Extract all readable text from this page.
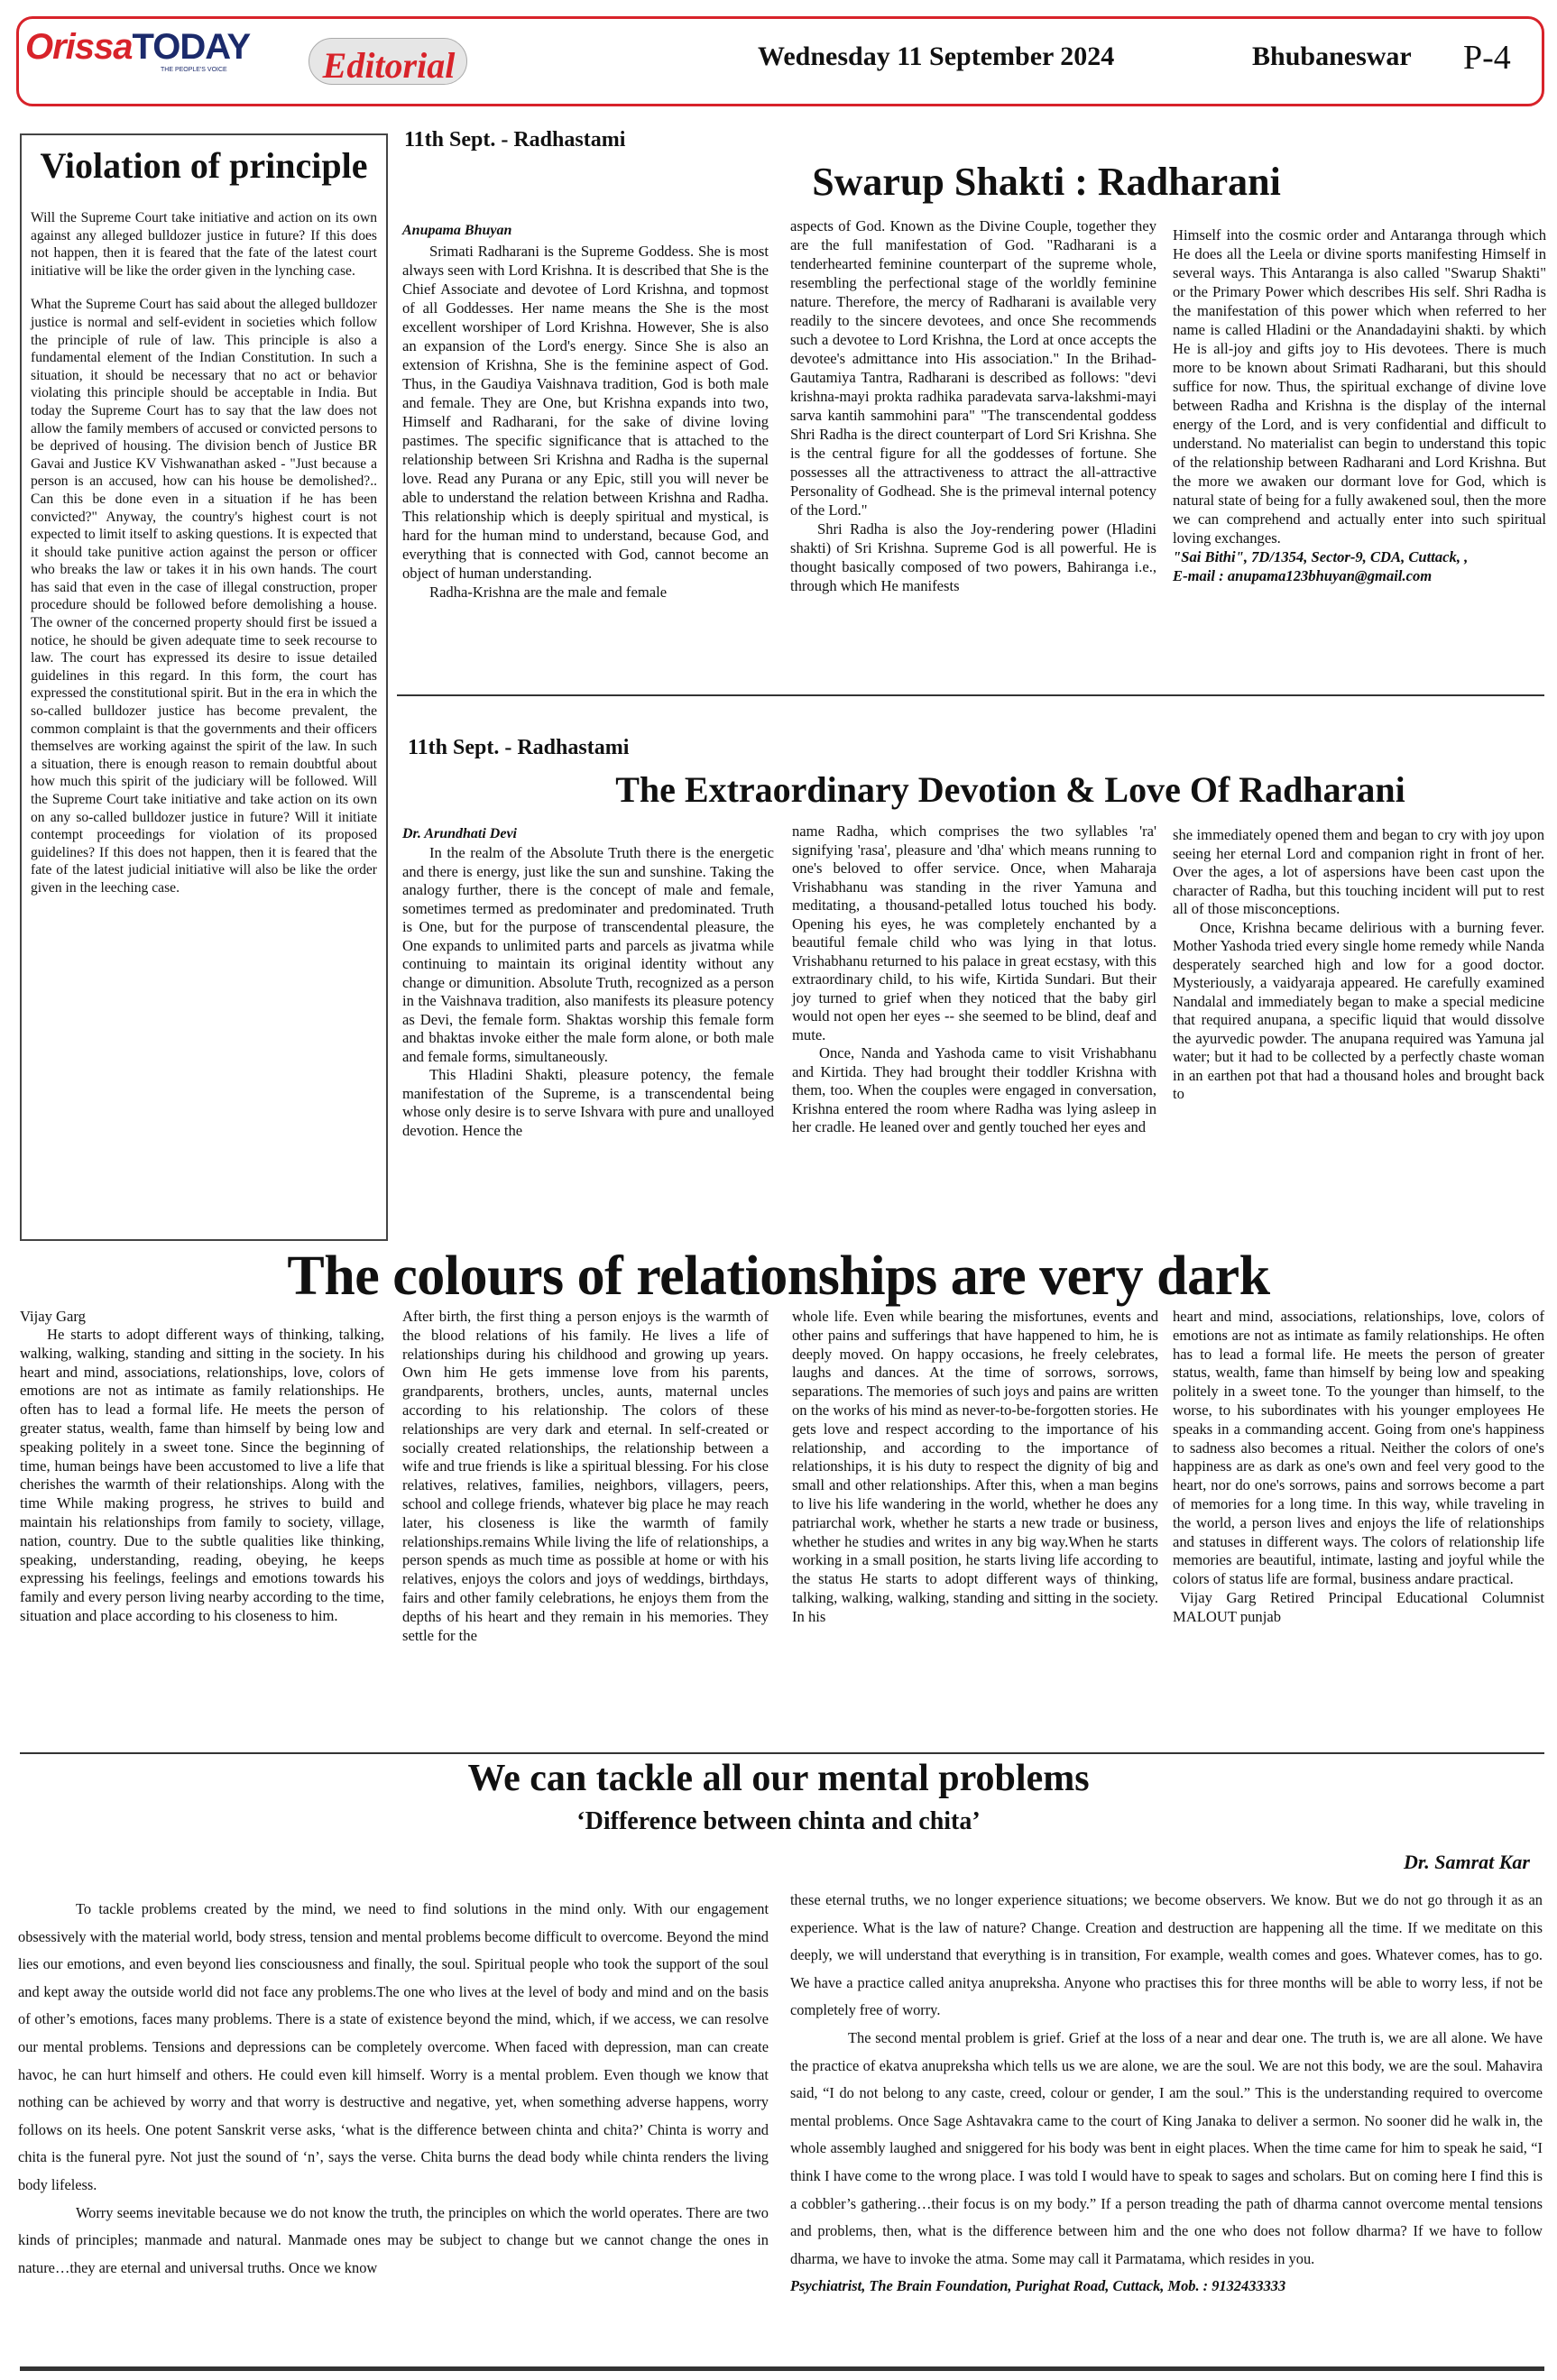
OrissaTODAY
THE PEOPLE'S VOICE	Editorial	Wednesday 11 September 2024	Bhubaneswar P-4
Violation of principle

Will the Supreme Court take initiative and action on its own against any alleged bulldozer justice in future? If this does not happen, then it is feared that the fate of the latest court initiative will be like the order given in the lynching case.

What the Supreme Court has said about the alleged bulldozer justice is normal and self-evident in societies which follow the principle of rule of law. This principle is also a fundamental element of the Indian Constitution. In such a situation, it should be necessary that no act or behavior violating this principle should be acceptable in India. But today the Supreme Court has to say that the law does not allow the family members of accused or convicted persons to be deprived of housing. The division bench of Justice BR Gavai and Justice KV Vishwanathan asked - "Just because a person is an accused, how can his house be demolished?.. Can this be done even in a situation if he has been convicted?" Anyway, the country's highest court is not expected to limit itself to asking questions. It is expected that it should take punitive action against the person or officer who breaks the law or takes it in his own hands. The court has said that even in the case of illegal construction, proper procedure should be followed before demolishing a house. The owner of the concerned property should first be issued a notice, he should be given adequate time to seek recourse to law. The court has expressed its desire to issue detailed guidelines in this regard. In this form, the court has expressed the constitutional spirit. But in the era in which the so-called bulldozer justice has become prevalent, the common complaint is that the governments and their officers themselves are working against the spirit of the law. In such a situation, there is enough reason to remain doubtful about how much this spirit of the judiciary will be followed. Will the Supreme Court take initiative and take action on its own on any so-called bulldozer justice in future? Will it initiate contempt proceedings for violation of its proposed guidelines? If this does not happen, then it is feared that the fate of the latest judicial initiative will also be like the order given in the leeching case.

11th Sept. - Radhastami
Swarup Shakti : Radharani
Anupama Bhuyan

Srimati Radharani is the Supreme Goddess. She is most always seen with Lord Krishna. It is described that She is the Chief Associate and devotee of Lord Krishna, and topmost of all Goddesses. Her name means the She is the most excellent worshiper of Lord Krishna. However, She is also an expansion of the Lord's energy. Since She is also an extension of Krishna, She is the feminine aspect of God. Thus, in the Gaudiya Vaishnava tradition, God is both male and female. They are One, but Krishna expands into two, Himself and Radharani, for the sake of divine loving pastimes. The specific significance that is attached to the relationship between Sri Krishna and Radha is the supernal love. Read any Purana or any Epic, still you will never be able to understand the relation between Krishna and Radha. This relationship which is deeply spiritual and mystical, is hard for the human mind to understand, because God, and everything that is connected with God, cannot become an object of human understanding.

Radha-Krishna are the male and female

aspects of God. Known as the Divine Couple, together they are the full manifestation of God. "Radharani is a tenderhearted feminine counterpart of the supreme whole, resembling the perfectional stage of the worldly feminine nature. Therefore, the mercy of Radharani is available very readily to the sincere devotees, and once She recommends such a devotee to Lord Krishna, the Lord at once accepts the devotee's admittance into His association." In the Brihad-Gautamiya Tantra, Radharani is described as follows: "devi krishna-mayi prokta radhika paradevata sarva-lakshmi-mayi sarva kantih sammohini para" "The transcendental goddess Shri Radha is the direct counterpart of Lord Sri Krishna. She is the central figure for all the goddesses of fortune. She possesses all the attractiveness to attract the all-attractive Personality of Godhead. She is the primeval internal potency of the Lord."

Shri Radha is also the Joy-rendering power (Hladini shakti) of Sri Krishna. Supreme God is all powerful. He is thought basically composed of two powers, Bahiranga i.e., through which He manifests

Himself into the cosmic order and Antaranga through which He does all the Leela or divine sports manifesting Himself in several ways. This Antaranga is also called "Swarup Shakti" or the Primary Power which describes His self. Shri Radha is the manifestation of this power which when referred to her name is called Hladini or the Anandadayini shakti. by which He is all-joy and gifts joy to His devotees. There is much more to be known about Srimati Radharani, but this should suffice for now. Thus, the spiritual exchange of divine love between Radha and Krishna is the display of the internal energy of the Lord, and is very confidential and difficult to understand. No materialist can begin to understand this topic of the relationship between Radharani and Lord Krishna. But the more we awaken our dormant love for God, which is natural state of being for a fully awakened soul, then the more we can comprehend and actually enter into such spiritual loving exchanges.

"Sai Bithi", 7D/1354, Sector-9, CDA, Cuttack, ,

E-mail : anupama123bhuyan@gmail.com

11th Sept. - Radhastami
The Extraordinary Devotion & Love Of Radharani
Dr. Arundhati Devi

In the realm of the Absolute Truth there is the energetic and there is energy, just like the sun and sunshine. Taking the analogy further, there is the concept of male and female, sometimes termed as predominater and predominated. Truth is One, but for the purpose of transcendental pleasure, the One expands to unlimited parts and parcels as jivatma while continuing to maintain its original identity without any change or dimunition. Absolute Truth, recognized as a person in the Vaishnava tradition, also manifests its pleasure potency as Devi, the female form. Shaktas worship this female form and bhaktas invoke either the male form alone, or both male and female forms, simultaneously.

This Hladini Shakti, pleasure potency, the female manifestation of the Supreme, is a transcendental being whose only desire is to serve Ishvara with pure and unalloyed devotion. Hence the

name Radha, which comprises the two syllables 'ra' signifying 'rasa', pleasure and 'dha' which means running to one's beloved to offer service. Once, when Maharaja Vrishabhanu was standing in the river Yamuna and meditating, a thousand-petalled lotus touched his body. Opening his eyes, he was completely enchanted by a beautiful female child who was lying in that lotus. Vrishabhanu returned to his palace in great ecstasy, with this extraordinary child, to his wife, Kirtida Sundari. But their joy turned to grief when they noticed that the baby girl would not open her eyes -- she seemed to be blind, deaf and mute.

Once, Nanda and Yashoda came to visit Vrishabhanu and Kirtida. They had brought their toddler Krishna with them, too. When the couples were engaged in conversation, Krishna entered the room where Radha was lying asleep in her cradle. He leaned over and gently touched her eyes and

she immediately opened them and began to cry with joy upon seeing her eternal Lord and companion right in front of her. Over the ages, a lot of aspersions have been cast upon the character of Radha, but this touching incident will put to rest all of those misconceptions.

Once, Krishna became delirious with a burning fever. Mother Yashoda tried every single home remedy while Nanda desperately searched high and low for a good doctor. Mysteriously, a vaidyaraja appeared. He carefully examined Nandalal and immediately began to make a special medicine that required anupana, a specific liquid that would dissolve the ayurvedic powder. The anupana required was Yamuna jal water; but it had to be collected by a perfectly chaste woman in an earthen pot that had a thousand holes and brought back to

The colours of relationships are very dark
Vijay Garg

He starts to adopt different ways of thinking, talking, walking, walking, standing and sitting in the society. In his heart and mind, associations, relationships, love, colors of emotions are not as intimate as family relationships. He often has to lead a formal life. He meets the person of greater status, wealth, fame than himself by being low and speaking politely in a sweet tone. Since the beginning of time, human beings have been accustomed to live a life that cherishes the warmth of their relationships. Along with the time While making progress, he strives to build and maintain his relationships from family to society, village, nation, country. Due to the subtle qualities like thinking, speaking, understanding, reading, obeying, he keeps expressing his feelings, feelings and emotions towards his family and every person living nearby according to the time, situation and place according to his closeness to him.

After birth, the first thing a person enjoys is the warmth of the blood relations of his family. He lives a life of relationships during his childhood and growing up years. Own him He gets immense love from his parents, grandparents, brothers, uncles, aunts, maternal uncles according to his relationship. The colors of these relationships are very dark and eternal. In self-created or socially created relationships, the relationship between a wife and true friends is like a spiritual blessing. For his close relatives, relatives, families, neighbors, villagers, peers, school and college friends, whatever big place he may reach later, his closeness is like the warmth of family relationships.remains While living the life of relationships, a person spends as much time as possible at home or with his relatives, enjoys the colors and joys of weddings, birthdays, fairs and other family celebrations, he enjoys them from the depths of his heart and they remain in his memories. They settle for the

whole life. Even while bearing the misfortunes, events and other pains and sufferings that have happened to him, he is deeply moved. On happy occasions, he freely celebrates, laughs and dances. At the time of sorrows, sorrows, separations. The memories of such joys and pains are written on the works of his mind as never-to-be-forgotten stories. He gets love and respect according to the importance of his relationship, and according to the importance of relationships, it is his duty to respect the dignity of big and small and other relationships. After this, when a man begins to live his life wandering in the world, whether he does any patriarchal work, whether he starts a new trade or business, whether he studies and writes in any big way.When he starts working in a small position, he starts living life according to the status He starts to adopt different ways of thinking, talking, walking, walking, standing and sitting in the society. In his

heart and mind, associations, relationships, love, colors of emotions are not as intimate as family relationships. He often has to lead a formal life. He meets the person of greater status, wealth, fame than himself by being low and speaking politely in a sweet tone. To the younger than himself, to the worse, to his subordinates with his younger employees He speaks in a commanding accent. Going from one's happiness to sadness also becomes a ritual. Neither the colors of one's happiness are as dark as one's own and feel very good to the heart, nor do one's sorrows, pains and sorrows become a part of memories for a long time. In this way, while traveling in the world, a person lives and enjoys the life of relationships and statuses in different ways. The colors of relationship life memories are beautiful, intimate, lasting and joyful while the colors of status life are formal, business andare practical.

Vijay Garg Retired Principal Educational Columnist MALOUT punjab

We can tackle all our mental problems
‘Difference between chinta and chita’
Dr. Samrat Kar

To tackle problems created by the mind, we need to find solutions in the mind only. With our engagement obsessively with the material world, body stress, tension and mental problems become difficult to overcome. Beyond the mind lies our emotions, and even beyond lies consciousness and finally, the soul. Spiritual people who took the support of the soul and kept away the outside world did not face any problems.The one who lives at the level of body and mind and on the basis of other’s emotions, faces many problems. There is a state of existence beyond the mind, which, if we access, we can resolve our mental problems. Tensions and depressions can be completely overcome. When faced with depression, man can create havoc, he can hurt himself and others. He could even kill himself. Worry is a mental problem. Even though we know that nothing can be achieved by worry and that worry is destructive and negative, yet, when something adverse happens, worry follows on its heels. One potent Sanskrit verse asks, ‘what is the difference between chinta and chita?’ Chinta is worry and chita is the funeral pyre. Not just the sound of ‘n’, says the verse. Chita burns the dead body while chinta renders the living body lifeless.

Worry seems inevitable because we do not know the truth, the principles on which the world operates. There are two kinds of principles; manmade and natural. Manmade ones may be subject to change but we cannot change the ones in nature…they are eternal and universal truths. Once we know

these eternal truths, we no longer experience situations; we become observers. We know. But we do not go through it as an experience. What is the law of nature? Change. Creation and destruction are happening all the time. If we meditate on this deeply, we will understand that everything is in transition, For example, wealth comes and goes. Whatever comes, has to go. We have a practice called anitya anupreksha. Anyone who practises this for three months will be able to worry less, if not be completely free of worry.

The second mental problem is grief. Grief at the loss of a near and dear one. The truth is, we are all alone. We have the practice of ekatva anupreksha which tells us we are alone, we are the soul. We are not this body, we are the soul. Mahavira said, “I do not belong to any caste, creed, colour or gender, I am the soul.” This is the understanding required to overcome mental problems. Once Sage Ashtavakra came to the court of King Janaka to deliver a sermon. No sooner did he walk in, the whole assembly laughed and sniggered for his body was bent in eight places. When the time came for him to speak he said, “I think I have come to the wrong place. I was told I would have to speak to sages and scholars. But on coming here I find this is a cobbler’s gathering…their focus is on my body.” If a person treading the path of dharma cannot overcome mental tensions and problems, then, what is the difference between him and the one who does not follow dharma? If we have to follow dharma, we have to invoke the atma. Some may call it Parmatama, which resides in you.

Psychiatrist, The Brain Foundation, Purighat Road, Cuttack, Mob. : 9132433333
